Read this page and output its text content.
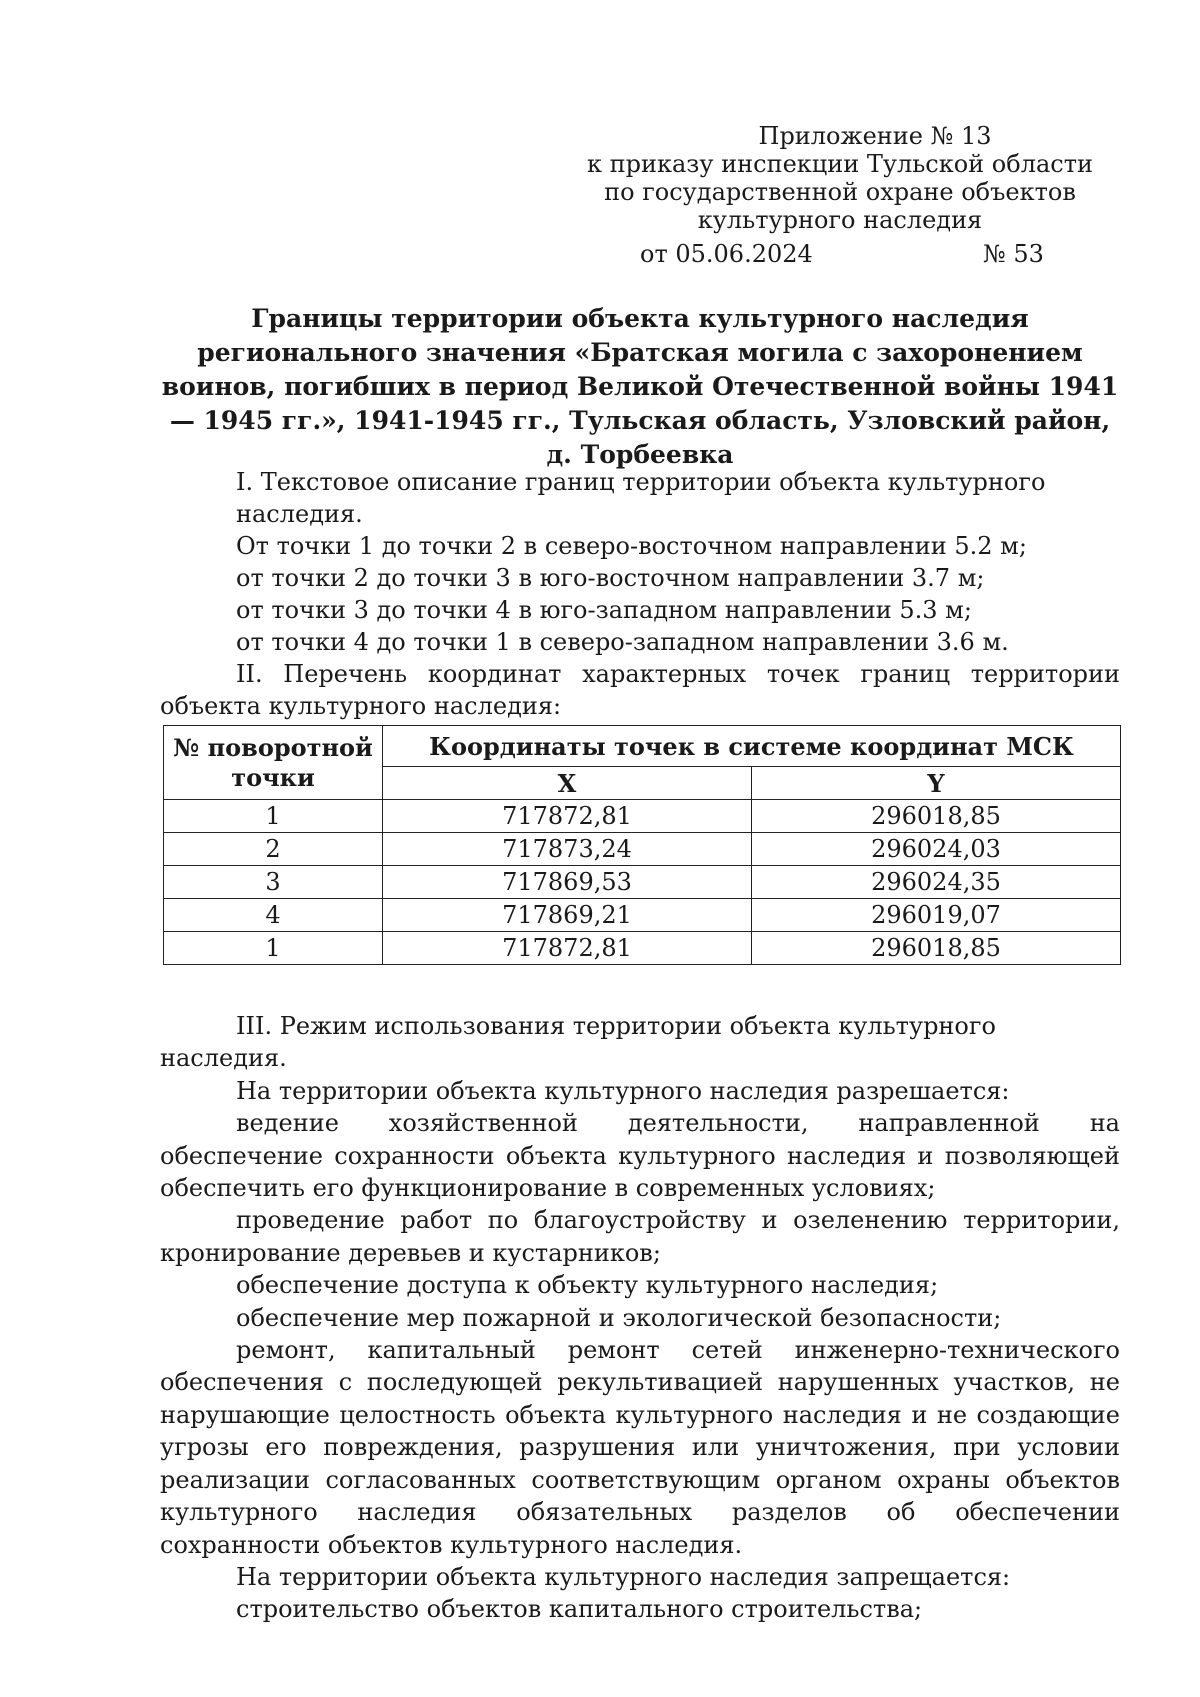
Приложение № 13
к приказу инспекции Тульской области
по государственной охране объектов
культурного наследия
от 05.06.2024	№ 53
Границы территории объекта культурного наследия регионального значения «Братская могила с захоронением воинов, погибших в период Великой Отечественной войны 1941 — 1945 гг.», 1941-1945 гг., Тульская область, Узловский район, д. Торбеевка
I. Текстовое описание границ территории объекта культурного наследия.
От точки 1 до точки 2 в северо-восточном направлении 5.2 м;
от точки 2 до точки 3 в юго-восточном направлении 3.7 м;
от точки 3 до точки 4 в юго-западном направлении 5.3 м;
от точки 4 до точки 1 в северо-западном направлении 3.6 м.
II. Перечень координат характерных точек границ территории объекта культурного наследия:
№ поворотной точки	Координаты точек в системе координат МСК	
	X	Y
1	717872,81	296018,85
2	717873,24	296024,03
3	717869,53	296024,35
4	717869,21	296019,07
1	717872,81	296018,85

III. Режим использования территории объекта культурного наследия.

На территории объекта культурного наследия разрешается:

ведение хозяйственной деятельности, направленной на обеспечение сохранности объекта культурного наследия и позволяющей обеспечить его функционирование в современных условиях;

проведение работ по благоустройству и озеленению территории, кронирование деревьев и кустарников;

обеспечение доступа к объекту культурного наследия;

обеспечение мер пожарной и экологической безопасности;

ремонт, капитальный ремонт сетей инженерно-технического обеспечения с последующей рекультивацией нарушенных участков, не нарушающие целостность объекта культурного наследия и не создающие угрозы его повреждения, разрушения или уничтожения, при условии реализации согласованных соответствующим органом охраны объектов культурного наследия обязательных разделов об обеспечении сохранности объектов культурного наследия.

На территории объекта культурного наследия запрещается:

строительство объектов капитального строительства;
